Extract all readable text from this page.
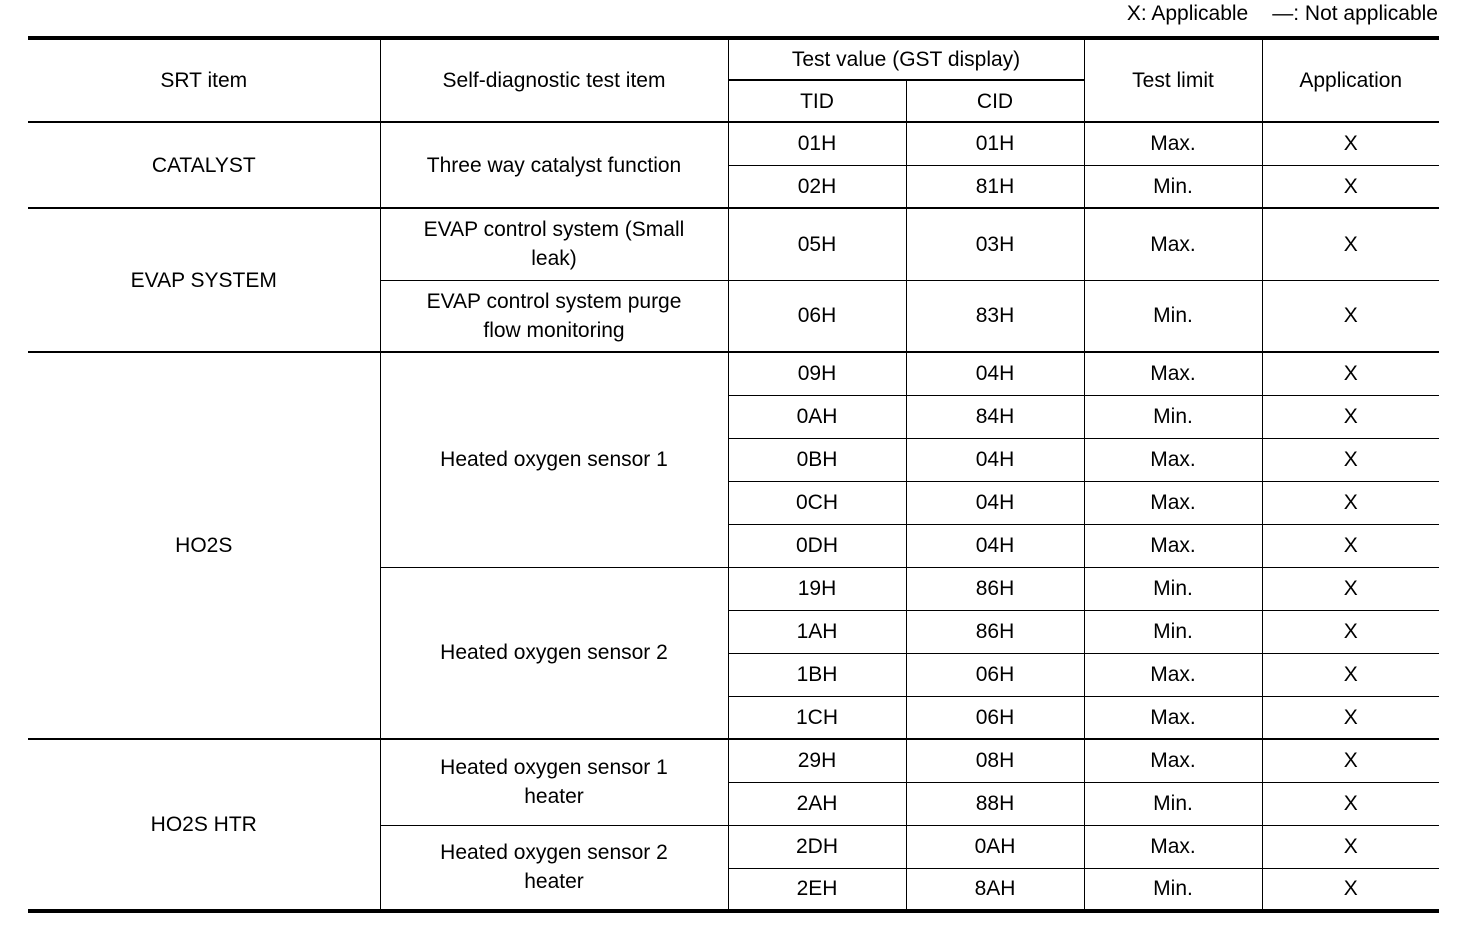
X: Applicable —: Not applicable
SRT item	Self-diagnostic test item	Test value (GST display)		Test limit	Application
		TID	CID		
CATALYST	Three way catalyst function	01H	01H	Max.	X
		02H	81H	Min.	X
EVAP SYSTEM	EVAP control system (Small leak)	05H	03H	Max.	X
	EVAP control system purge flow monitoring	06H	83H	Min.	X
HO2S	Heated oxygen sensor 1	09H	04H	Max.	X
		0AH	84H	Min.	X
		0BH	04H	Max.	X
		0CH	04H	Max.	X
		0DH	04H	Max.	X
	Heated oxygen sensor 2	19H	86H	Min.	X
		1AH	86H	Min.	X
		1BH	06H	Max.	X
		1CH	06H	Max.	X
HO2S HTR	Heated oxygen sensor 1 heater	29H	08H	Max.	X
		2AH	88H	Min.	X
	Heated oxygen sensor 2 heater	2DH	0AH	Max.	X
		2EH	8AH	Min.	X
